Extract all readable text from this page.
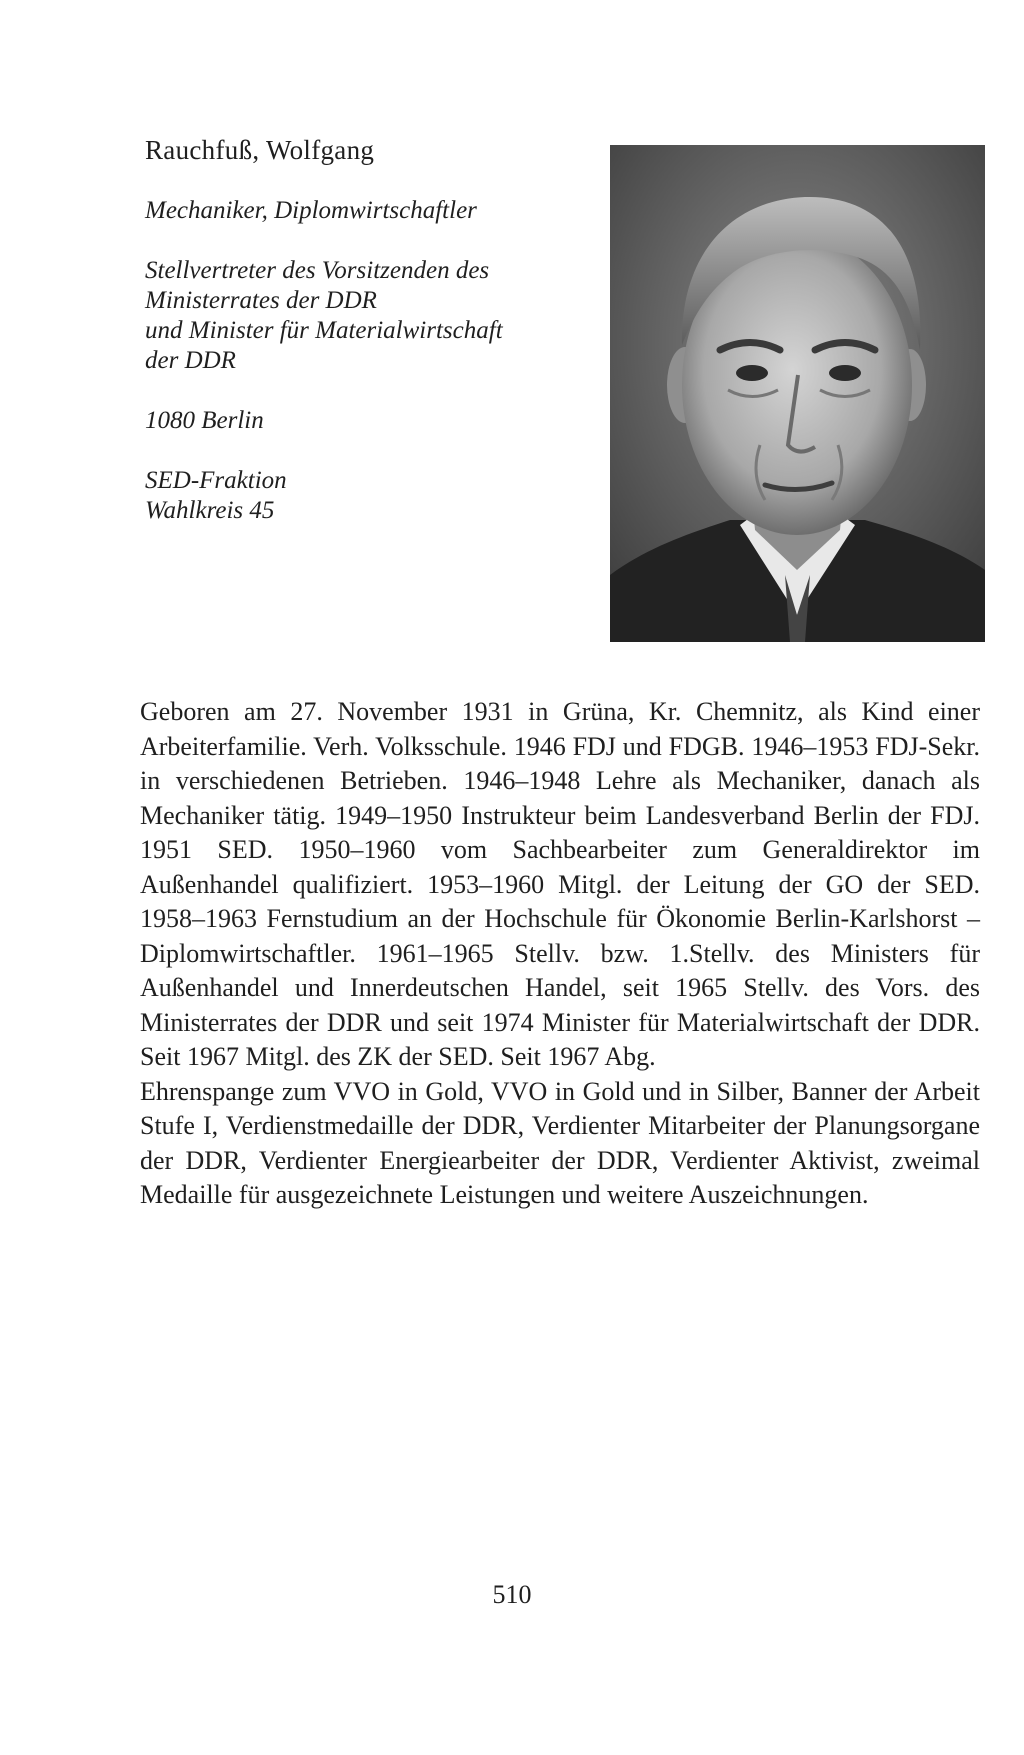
Rauchfuß, Wolfgang

Mechaniker, Diplomwirtschaftler

Stellvertreter des Vorsitzenden des

Ministerrates der DDR

und Minister für Materialwirtschaft

der DDR

1080 Berlin

SED-Fraktion

Wahlkreis 45

Geboren am 27. November 1931 in Grüna, Kr. Chemnitz, als Kind einer Arbeiterfamilie. Verh. Volksschule. 1946 FDJ und FDGB. 1946–1953 FDJ-Sekr. in verschiedenen Betrieben. 1946–1948 Lehre als Mechaniker, danach als Mechaniker tätig. 1949–1950 Instrukteur beim Landesverband Berlin der FDJ. 1951 SED. 1950–1960 vom Sachbearbeiter zum Generaldirektor im Außenhandel qualifiziert. 1953–1960 Mitgl. der Leitung der GO der SED. 1958–1963 Fernstudium an der Hochschule für Ökonomie Berlin-Karlshorst – Diplomwirtschaftler. 1961–1965 Stellv. bzw. 1.Stellv. des Ministers für Außenhandel und Innerdeutschen Handel, seit 1965 Stellv. des Vors. des Ministerrates der DDR und seit 1974 Minister für Materialwirtschaft der DDR. Seit 1967 Mitgl. des ZK der SED. Seit 1967 Abg.

Ehrenspange zum VVO in Gold, VVO in Gold und in Silber, Banner der Arbeit Stufe I, Verdienstmedaille der DDR, Verdienter Mitarbeiter der Planungsorgane der DDR, Verdienter Energiearbeiter der DDR, Verdienter Aktivist, zweimal Medaille für ausgezeichnete Leistungen und weitere Auszeichnungen.

510
